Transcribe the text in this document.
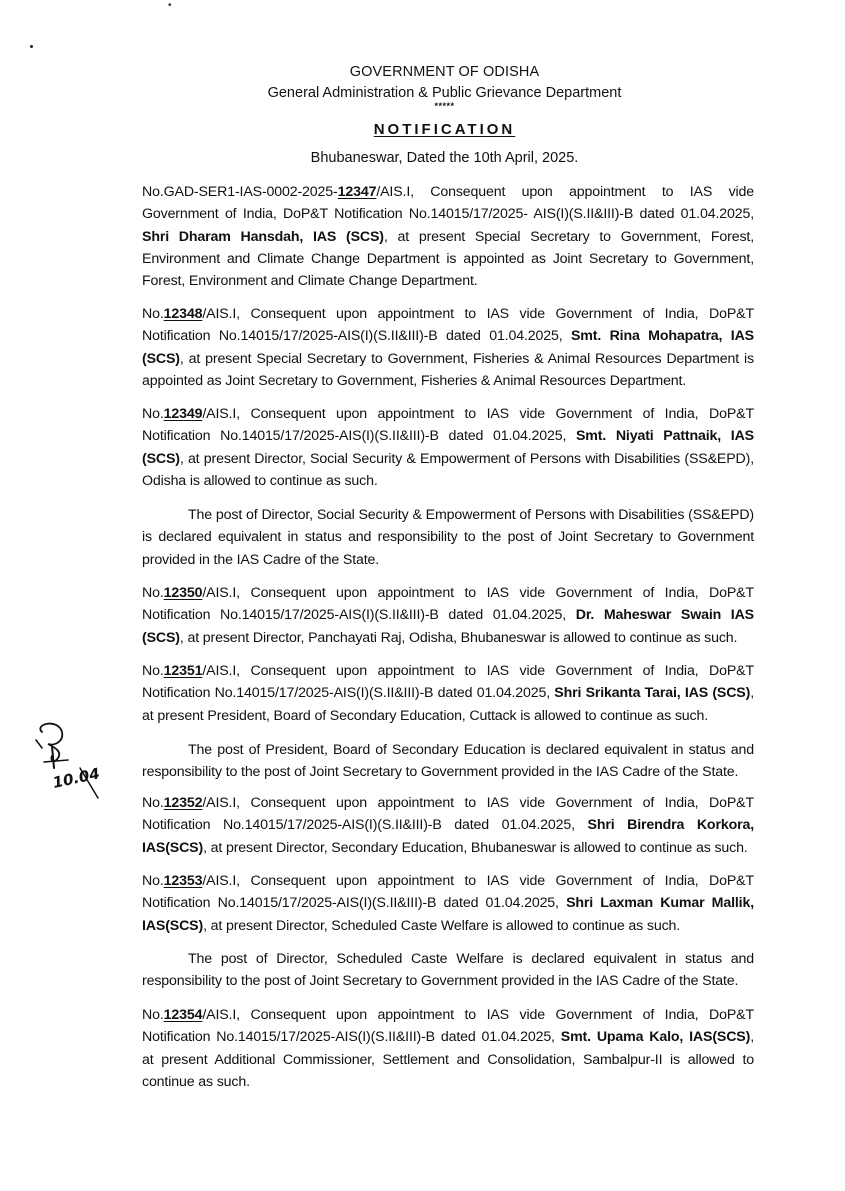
•
GOVERNMENT OF ODISHA
General Administration & Public Grievance Department
*****
NOTIFICATION
Bhubaneswar, Dated the 10th April, 2025.
No.GAD-SER1-IAS-0002-2025-12347/AIS.I, Consequent upon appointment to IAS vide Government of India, DoP&T Notification No.14015/17/2025- AIS(I)(S.II&III)-B dated 01.04.2025, Shri Dharam Hansdah, IAS (SCS), at present Special Secretary to Government, Forest, Environment and Climate Change Department is appointed as Joint Secretary to Government, Forest, Environment and Climate Change Department.
No.12348/AIS.I, Consequent upon appointment to IAS vide Government of India, DoP&T Notification No.14015/17/2025-AIS(I)(S.II&III)-B dated 01.04.2025, Smt. Rina Mohapatra, IAS (SCS), at present Special Secretary to Government, Fisheries & Animal Resources Department is appointed as Joint Secretary to Government, Fisheries & Animal Resources Department.
No.12349/AIS.I, Consequent upon appointment to IAS vide Government of India, DoP&T Notification No.14015/17/2025-AIS(I)(S.II&III)-B dated 01.04.2025, Smt. Niyati Pattnaik, IAS (SCS), at present Director, Social Security & Empowerment of Persons with Disabilities (SS&EPD), Odisha is allowed to continue as such.
The post of Director, Social Security & Empowerment of Persons with Disabilities (SS&EPD) is declared equivalent in status and responsibility to the post of Joint Secretary to Government provided in the IAS Cadre of the State.
No.12350/AIS.I, Consequent upon appointment to IAS vide Government of India, DoP&T Notification No.14015/17/2025-AIS(I)(S.II&III)-B dated 01.04.2025, Dr. Maheswar Swain IAS (SCS), at present Director, Panchayati Raj, Odisha, Bhubaneswar is allowed to continue as such.
No.12351/AIS.I, Consequent upon appointment to IAS vide Government of India, DoP&T Notification No.14015/17/2025-AIS(I)(S.II&III)-B dated 01.04.2025, Shri Srikanta Tarai, IAS (SCS), at present President, Board of Secondary Education, Cuttack is allowed to continue as such.
The post of President, Board of Secondary Education is declared equivalent in status and responsibility to the post of Joint Secretary to Government provided in the IAS Cadre of the State.
No.12352/AIS.I, Consequent upon appointment to IAS vide Government of India, DoP&T Notification No.14015/17/2025-AIS(I)(S.II&III)-B dated 01.04.2025, Shri Birendra Korkora, IAS(SCS), at present Director, Secondary Education, Bhubaneswar is allowed to continue as such.
No.12353/AIS.I, Consequent upon appointment to IAS vide Government of India, DoP&T Notification No.14015/17/2025-AIS(I)(S.II&III)-B dated 01.04.2025, Shri Laxman Kumar Mallik, IAS(SCS), at present Director, Scheduled Caste Welfare is allowed to continue as such.
The post of Director, Scheduled Caste Welfare is declared equivalent in status and responsibility to the post of Joint Secretary to Government provided in the IAS Cadre of the State.
No.12354/AIS.I, Consequent upon appointment to IAS vide Government of India, DoP&T Notification No.14015/17/2025-AIS(I)(S.II&III)-B dated 01.04.2025, Smt. Upama Kalo, IAS(SCS), at present Additional Commissioner, Settlement and Consolidation, Sambalpur-II is allowed to continue as such.
10.04
